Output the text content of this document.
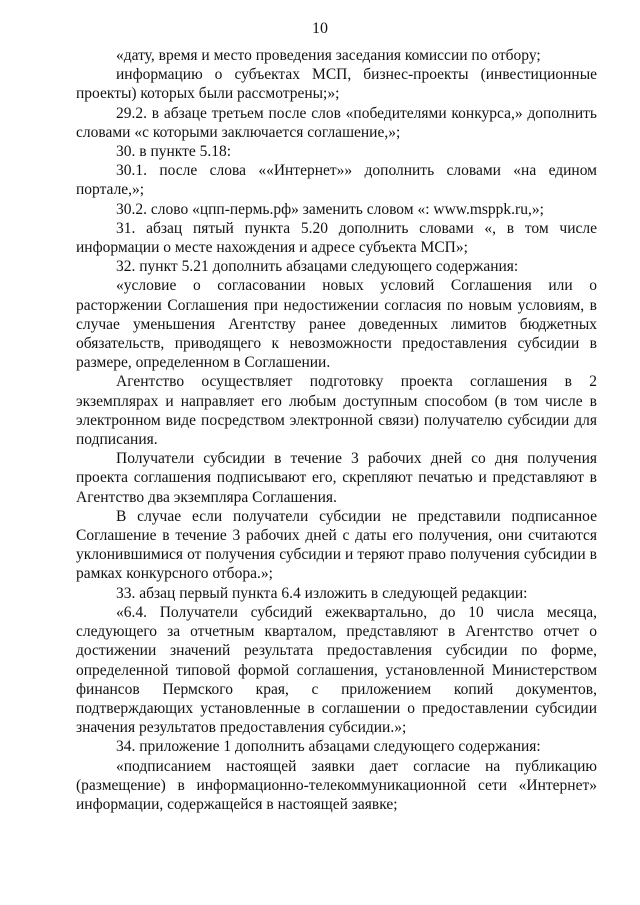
10

«дату, время и место проведения заседания комиссии по отбору;

информацию о субъектах МСП, бизнес-проекты (инвестиционные проекты) которых были рассмотрены;»;

29.2. в абзаце третьем после слов «победителями конкурса,» дополнить словами «с которыми заключается соглашение,»;

30. в пункте 5.18:

30.1. после слова ««Интернет»» дополнить словами «на едином портале,»;

30.2. слово «цпп-пермь.рф» заменить словом «: www.msppk.ru,»;

31. абзац пятый пункта 5.20 дополнить словами «, в том числе информации о месте нахождения и адресе субъекта МСП»;

32. пункт 5.21 дополнить абзацами следующего содержания:

«условие о согласовании новых условий Соглашения или о расторжении Соглашения при недостижении согласия по новым условиям, в случае уменьшения Агентству ранее доведенных лимитов бюджетных обязательств, приводящего к невозможности предоставления субсидии в размере, определенном в Соглашении.

Агентство осуществляет подготовку проекта соглашения в 2 экземплярах и направляет его любым доступным способом (в том числе в электронном виде посредством электронной связи) получателю субсидии для подписания.

Получатели субсидии в течение 3 рабочих дней со дня получения проекта соглашения подписывают его, скрепляют печатью и представляют в Агентство два экземпляра Соглашения.

В случае если получатели субсидии не представили подписанное Соглашение в течение 3 рабочих дней с даты его получения, они считаются уклонившимися от получения субсидии и теряют право получения субсидии в рамках конкурсного отбора.»;

33. абзац первый пункта 6.4 изложить в следующей редакции:

«6.4. Получатели субсидий ежеквартально, до 10 числа месяца, следующего за отчетным кварталом, представляют в Агентство отчет о достижении значений результата предоставления субсидии по форме, определенной типовой формой соглашения, установленной Министерством финансов Пермского края, с приложением копий документов, подтверждающих установленные в соглашении о предоставлении субсидии значения результатов предоставления субсидии.»;

34. приложение 1 дополнить абзацами следующего содержания:

«подписанием настоящей заявки дает согласие на публикацию (размещение) в информационно-телекоммуникационной сети «Интернет» информации, содержащейся в настоящей заявке;
